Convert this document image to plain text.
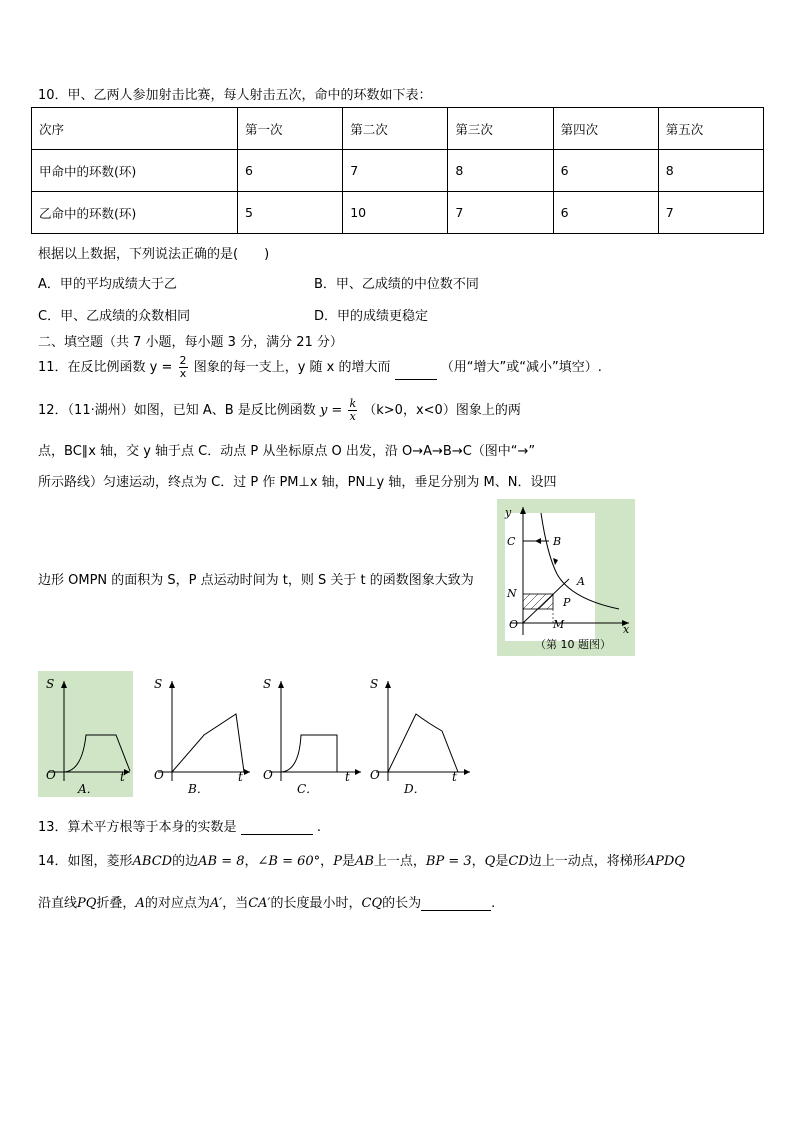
10．甲、乙两人参加射击比赛，每人射击五次，命中的环数如下表：
次序	第一次	第二次	第三次	第四次	第五次
甲命中的环数(环)	6	7	8	6	8
乙命中的环数(环)	5	10	7	6	7
根据以上数据，下列说法正确的是(　　)
A．甲的平均成绩大于乙	B．甲、乙成绩的中位数不同
C．甲、乙成绩的众数相同	D．甲的成绩更稳定
二、填空题（共 7 小题，每小题 3 分，满分 21 分）
11．在反比例函数 $y = \frac{2}{x}$ 图象的每一支上，y 随 x 的增大而	（用“增大”或“减小”填空）.
12．（11·湖州）如图，已知 A、B 是反比例函数 $y = \frac{k}{x} (k>0$，x<0）图象上的两
点，BC∥x 轴，交 y 轴于点 C．动点 P 从坐标原点 O 出发，沿 O→A→B→C（图中“→”
所示路线）匀速运动，终点为 C．过 P 作 PM⊥x 轴，PN⊥y 轴，垂足分别为 M、N．设四
边形 OMPN 的面积为 S，P 点运动时间为 t，则 S 关于 t 的函数图象大致为
y
x
C	B
A
N
P
O	M
（第 10 题图）
S
O	t
A．
S
O	t
B．
S
O	t
C．
S
O	t
D．
13．算术平方根等于本身的实数是	.
14．如图，菱形ABCD的边AB = 8，∠B = 60°，P是AB上一点，BP = 3，Q是CD边上一动点，将梯形APDQ
沿直线PQ折叠，A的对应点为A′，当CA′的长度最小时，CQ的长为	.
